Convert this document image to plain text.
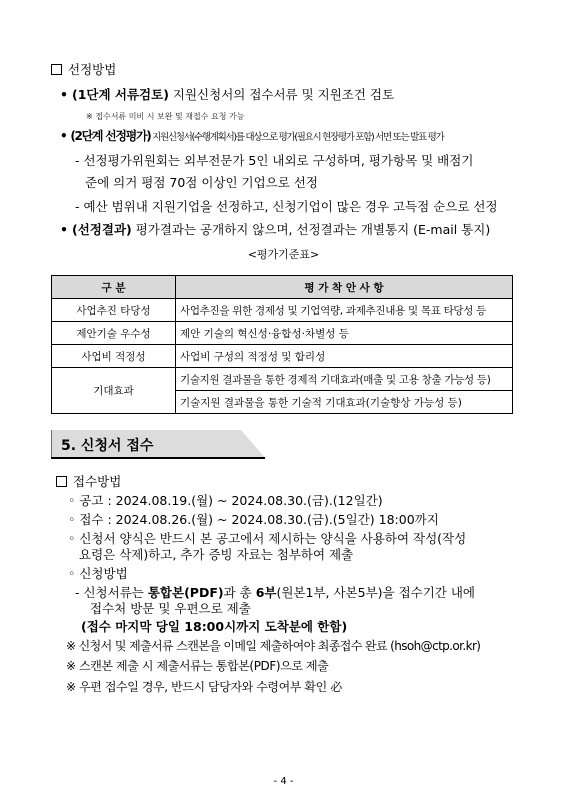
선정방법
• (1단계 서류검토) 지원신청서의 접수서류 및 지원조건 검토
※ 접수서류 미비 시 보완 및 재접수 요청 가능
• (2단계 선정평가) 지원신청서(수행계획서)를 대상으로 평가(필요시 현장평가 포함) 서면 또는 발표 평가
- 선정평가위원회는 외부전문가 5인 내외로 구성하며, 평가항목 및 배점기
준에 의거 평점 70점 이상인 기업으로 선정
- 예산 범위내 지원기업을 선정하고, 신청기업이 많은 경우 고득점 순으로 선정
• (선정결과) 평가결과는 공개하지 않으며, 선정결과는 개별통지 (E-mail 통지)
<평가기준표>
구 분	평 가 착 안 사 항
사업추진 타당성	사업추진을 위한 경제성 및 기업역량, 과제추진내용 및 목표 타당성 등
제안기술 우수성	제안 기술의 혁신성·융합성·차별성 등
사업비 적정성	사업비 구성의 적정성 및 합리성
기대효과	기술지원 결과물을 통한 경제적 기대효과(매출 및 고용 창출 가능성 등)
	기술지원 결과물을 통한 기술적 기대효과(기술향상 가능성 등)
5. 신청서 접수
접수방법
◦ 공고 : 2024.08.19.(월) ~ 2024.08.30.(금).(12일간)
◦ 접수 : 2024.08.26.(월) ~ 2024.08.30.(금).(5일간) 18:00까지
◦ 신청서 양식은 반드시 본 공고에서 제시하는 양식을 사용하여 작성(작성
요령은 삭제)하고, 추가 증빙 자료는 첨부하여 제출
◦ 신청방법
- 신청서류는 통합본(PDF)과 총 6부(원본1부, 사본5부)을 접수기간 내에
접수처 방문 및 우편으로 제출
(접수 마지막 당일 18:00시까지 도착분에 한함)
※ 신청서 및 제출서류 스캔본을 이메일 제출하여야 최종접수 완료 (hsoh@ctp.or.kr)
※ 스캔본 제출 시 제출서류는 통합본(PDF)으로 제출
※ 우편 접수일 경우, 반드시 담당자와 수령여부 확인 必
- 4 -
